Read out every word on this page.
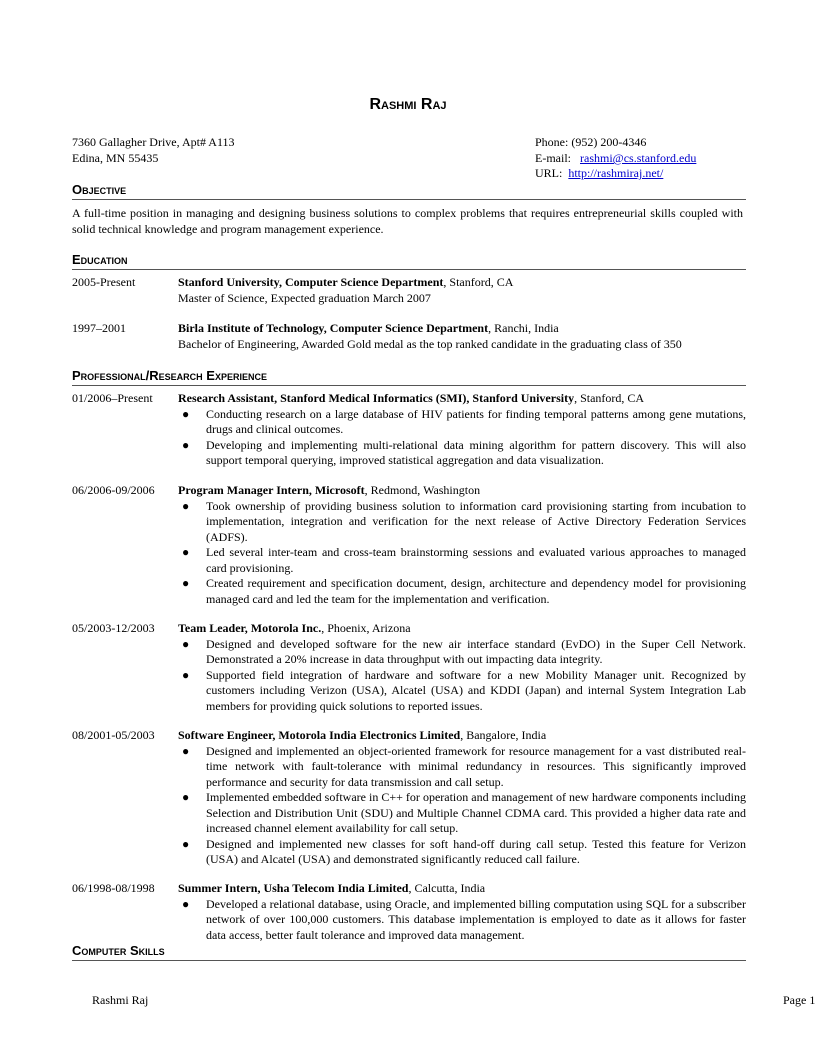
Rashmi Raj
7360 Gallagher Drive, Apt# A113
Edina, MN 55435
Phone: (952) 200-4346
E-mail: rashmi@cs.stanford.edu
URL: http://rashmiraj.net/
Objective
A full-time position in managing and designing business solutions to complex problems that requires entrepreneurial skills coupled with solid technical knowledge and program management experience.
Education
2005-Present	Stanford University, Computer Science Department, Stanford, CA
Master of Science, Expected graduation March 2007
1997–2001	Birla Institute of Technology, Computer Science Department, Ranchi, India
Bachelor of Engineering, Awarded Gold medal as the top ranked candidate in the graduating class of 350
Professional/Research Experience
01/2006–Present Research Assistant, Stanford Medical Informatics (SMI), Stanford University, Stanford, CA
● Conducting research on a large database of HIV patients for finding temporal patterns among gene mutations, drugs and clinical outcomes.
● Developing and implementing multi-relational data mining algorithm for pattern discovery. This will also support temporal querying, improved statistical aggregation and data visualization.
06/2006-09/2006 Program Manager Intern, Microsoft, Redmond, Washington
● Took ownership of providing business solution to information card provisioning starting from incubation to implementation, integration and verification for the next release of Active Directory Federation Services (ADFS).
● Led several inter-team and cross-team brainstorming sessions and evaluated various approaches to managed card provisioning.
● Created requirement and specification document, design, architecture and dependency model for provisioning managed card and led the team for the implementation and verification.
05/2003-12/2003 Team Leader, Motorola Inc., Phoenix, Arizona
● Designed and developed software for the new air interface standard (EvDO) in the Super Cell Network. Demonstrated a 20% increase in data throughput with out impacting data integrity.
● Supported field integration of hardware and software for a new Mobility Manager unit. Recognized by customers including Verizon (USA), Alcatel (USA) and KDDI (Japan) and internal System Integration Lab members for providing quick solutions to reported issues.
08/2001-05/2003 Software Engineer, Motorola India Electronics Limited, Bangalore, India
● Designed and implemented an object-oriented framework for resource management for a vast distributed real-time network with fault-tolerance with minimal redundancy in resources. This significantly improved performance and security for data transmission and call setup.
● Implemented embedded software in C++ for operation and management of new hardware components including Selection and Distribution Unit (SDU) and Multiple Channel CDMA card. This provided a higher data rate and increased channel element availability for call setup.
● Designed and implemented new classes for soft hand-off during call setup. Tested this feature for Verizon (USA) and Alcatel (USA) and demonstrated significantly reduced call failure.
06/1998-08/1998 Summer Intern, Usha Telecom India Limited, Calcutta, India
● Developed a relational database, using Oracle, and implemented billing computation using SQL for a subscriber network of over 100,000 customers. This database implementation is employed to date as it allows for faster data access, better fault tolerance and improved data management.
Computer Skills
Rashmi Raj	Page 1
